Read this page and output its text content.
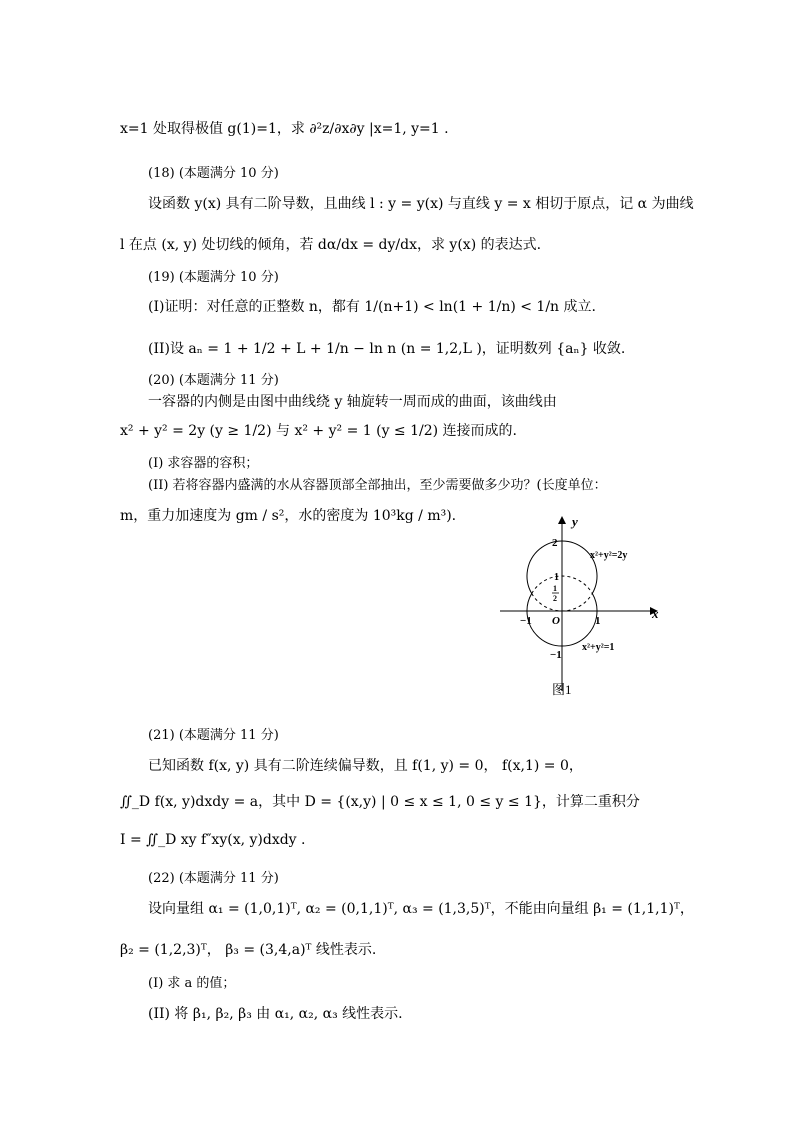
x=1 处取得极值 g(1)=1，求 ∂²z/∂x∂y |x=1, y=1 .
(18) (本题满分 10 分)
设函数 y(x) 具有二阶导数，且曲线 l : y = y(x) 与直线 y = x 相切于原点，记 α 为曲线
l 在点 (x, y) 处切线的倾角，若 dα/dx = dy/dx，求 y(x) 的表达式.
(19) (本题满分 10 分)
(I)证明：对任意的正整数 n，都有 1/(n+1) < ln(1 + 1/n) < 1/n 成立.
(II)设 aₙ = 1 + 1/2 + L + 1/n − ln n (n = 1,2,L )，证明数列 {aₙ} 收敛.
(20) (本题满分 11 分)
一容器的内侧是由图中曲线绕 y 轴旋转一周而成的曲面，该曲线由
x² + y² = 2y (y ≥ 1/2) 与 x² + y² = 1 (y ≤ 1/2) 连接而成的.
(I) 求容器的容积；
(II) 若将容器内盛满的水从容器顶部全部抽出，至少需要做多少功？(长度单位：
m，重力加速度为 gm / s²，水的密度为 10³kg / m³).	y
x
2
1
1
2
O
−1	1
−1
x²+y²=2y
x²+y²=1
图1
(21) (本题满分 11 分)
已知函数 f(x, y) 具有二阶连续偏导数，且 f(1, y) = 0， f(x,1) = 0，
∬_D f(x, y)dxdy = a，其中 D = {(x,y) | 0 ≤ x ≤ 1, 0 ≤ y ≤ 1}，计算二重积分
I = ∬_D xy f″xy(x, y)dxdy .
(22) (本题满分 11 分)
设向量组 α₁ = (1,0,1)ᵀ, α₂ = (0,1,1)ᵀ, α₃ = (1,3,5)ᵀ，不能由向量组 β₁ = (1,1,1)ᵀ，
β₂ = (1,2,3)ᵀ， β₃ = (3,4,a)ᵀ 线性表示.
(I) 求 a 的值；
(II) 将 β₁, β₂, β₃ 由 α₁, α₂, α₃ 线性表示.
